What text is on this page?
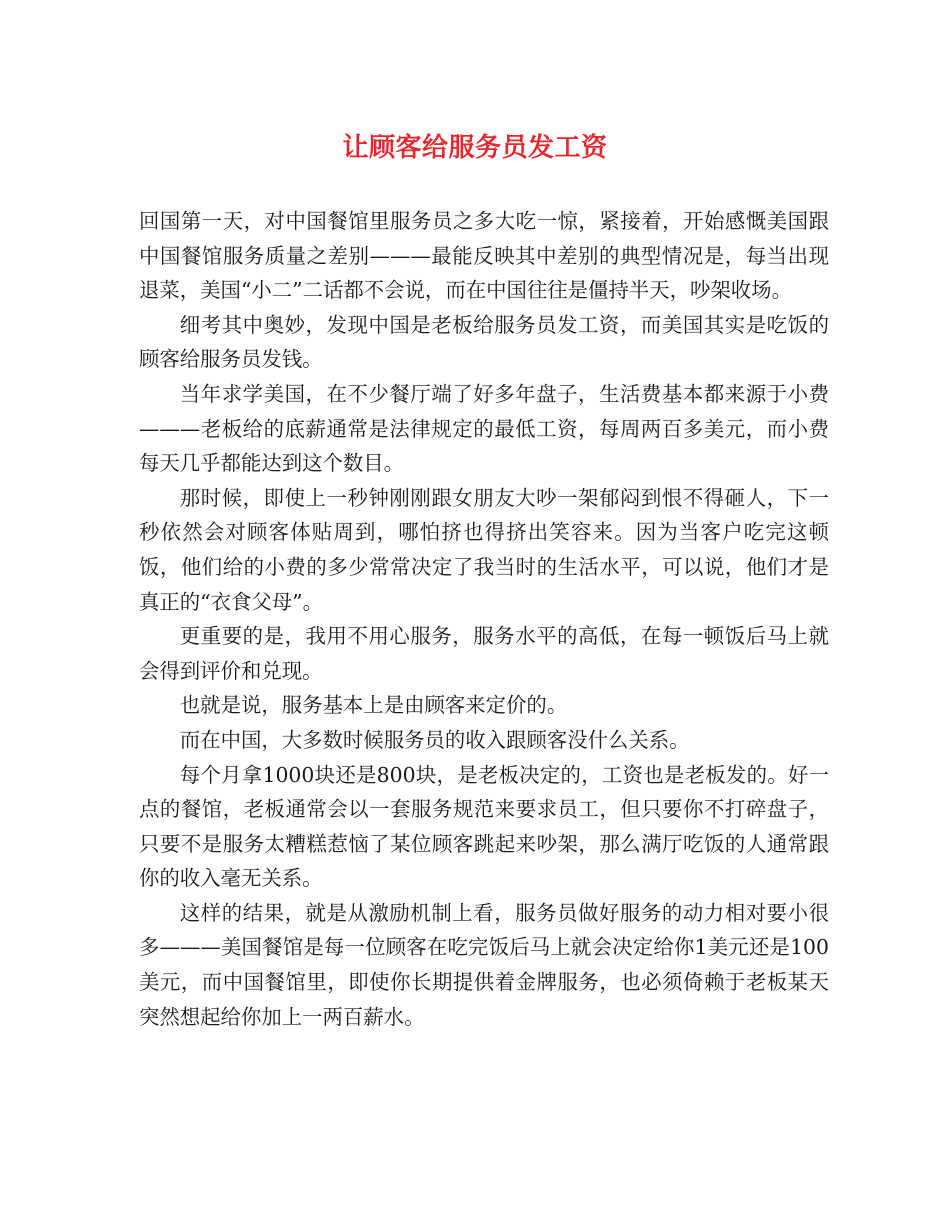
让顾客给服务员发工资

回国第一天，对中国餐馆里服务员之多大吃一惊，紧接着，开始感慨美国跟中国餐馆服务质量之差别———最能反映其中差别的典型情况是，每当出现退菜，美国“小二”二话都不会说，而在中国往往是僵持半天，吵架收场。

细考其中奥妙，发现中国是老板给服务员发工资，而美国其实是吃饭的顾客给服务员发钱。

当年求学美国，在不少餐厅端了好多年盘子，生活费基本都来源于小费———老板给的底薪通常是法律规定的最低工资，每周两百多美元，而小费每天几乎都能达到这个数目。

那时候，即使上一秒钟刚刚跟女朋友大吵一架郁闷到恨不得砸人，下一秒依然会对顾客体贴周到，哪怕挤也得挤出笑容来。因为当客户吃完这顿饭，他们给的小费的多少常常决定了我当时的生活水平，可以说，他们才是真正的“衣食父母”。

更重要的是，我用不用心服务，服务水平的高低，在每一顿饭后马上就会得到评价和兑现。

也就是说，服务基本上是由顾客来定价的。

而在中国，大多数时候服务员的收入跟顾客没什么关系。

每个月拿1000块还是800块，是老板决定的，工资也是老板发的。好一点的餐馆，老板通常会以一套服务规范来要求员工，但只要你不打碎盘子，只要不是服务太糟糕惹恼了某位顾客跳起来吵架，那么满厅吃饭的人通常跟你的收入毫无关系。

这样的结果，就是从激励机制上看，服务员做好服务的动力相对要小很多———美国餐馆是每一位顾客在吃完饭后马上就会决定给你1美元还是100美元，而中国餐馆里，即使你长期提供着金牌服务，也必须倚赖于老板某天突然想起给你加上一两百薪水。
